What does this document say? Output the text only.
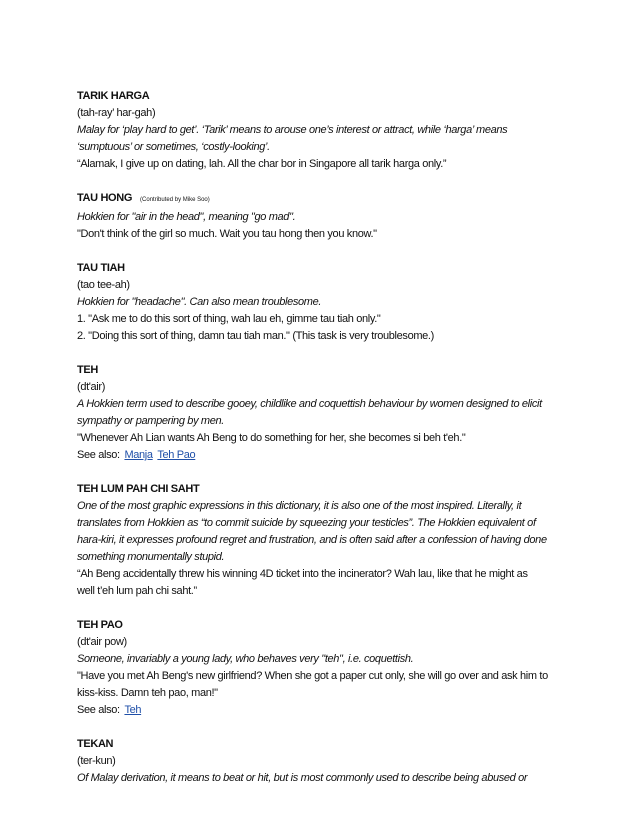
TARIK HARGA
(tah-ray’ har-gah)
Malay for ‘play hard to get’. ‘Tarik’ means to arouse one’s interest or attract, while ‘harga’ means
‘sumptuous’ or sometimes, ‘costly-looking’.
“Alamak, I give up on dating, lah. All the char bor in Singapore all tarik harga only.”
TAU HONG (Contributed by Mike Soo)
Hokkien for "air in the head", meaning "go mad".
"Don't think of the girl so much. Wait you tau hong then you know."
TAU TIAH
(tao tee-ah)
Hokkien for "headache". Can also mean troublesome.
1. "Ask me to do this sort of thing, wah lau eh, gimme tau tiah only."
2. "Doing this sort of thing, damn tau tiah man." (This task is very troublesome.)
TEH
(dt'air)
A Hokkien term used to describe gooey, childlike and coquettish behaviour by women designed to elicit
sympathy or pampering by men.
"Whenever Ah Lian wants Ah Beng to do something for her, she becomes si beh t'eh."
See also: Manja Teh Pao
TEH LUM PAH CHI SAHT
One of the most graphic expressions in this dictionary, it is also one of the most inspired. Literally, it
translates from Hokkien as “to commit suicide by squeezing your testicles”. The Hokkien equivalent of
hara-kiri, it expresses profound regret and frustration, and is often said after a confession of having done
something monumentally stupid.
“Ah Beng accidentally threw his winning 4D ticket into the incinerator? Wah lau, like that he might as
well t’eh lum pah chi saht.”
TEH PAO
(dt'air pow)
Someone, invariably a young lady, who behaves very "teh", i.e. coquettish.
"Have you met Ah Beng's new girlfriend? When she got a paper cut only, she will go over and ask him to
kiss-kiss. Damn teh pao, man!"
See also: Teh
TEKAN
(ter-kun)
Of Malay derivation, it means to beat or hit, but is most commonly used to describe being abused or
